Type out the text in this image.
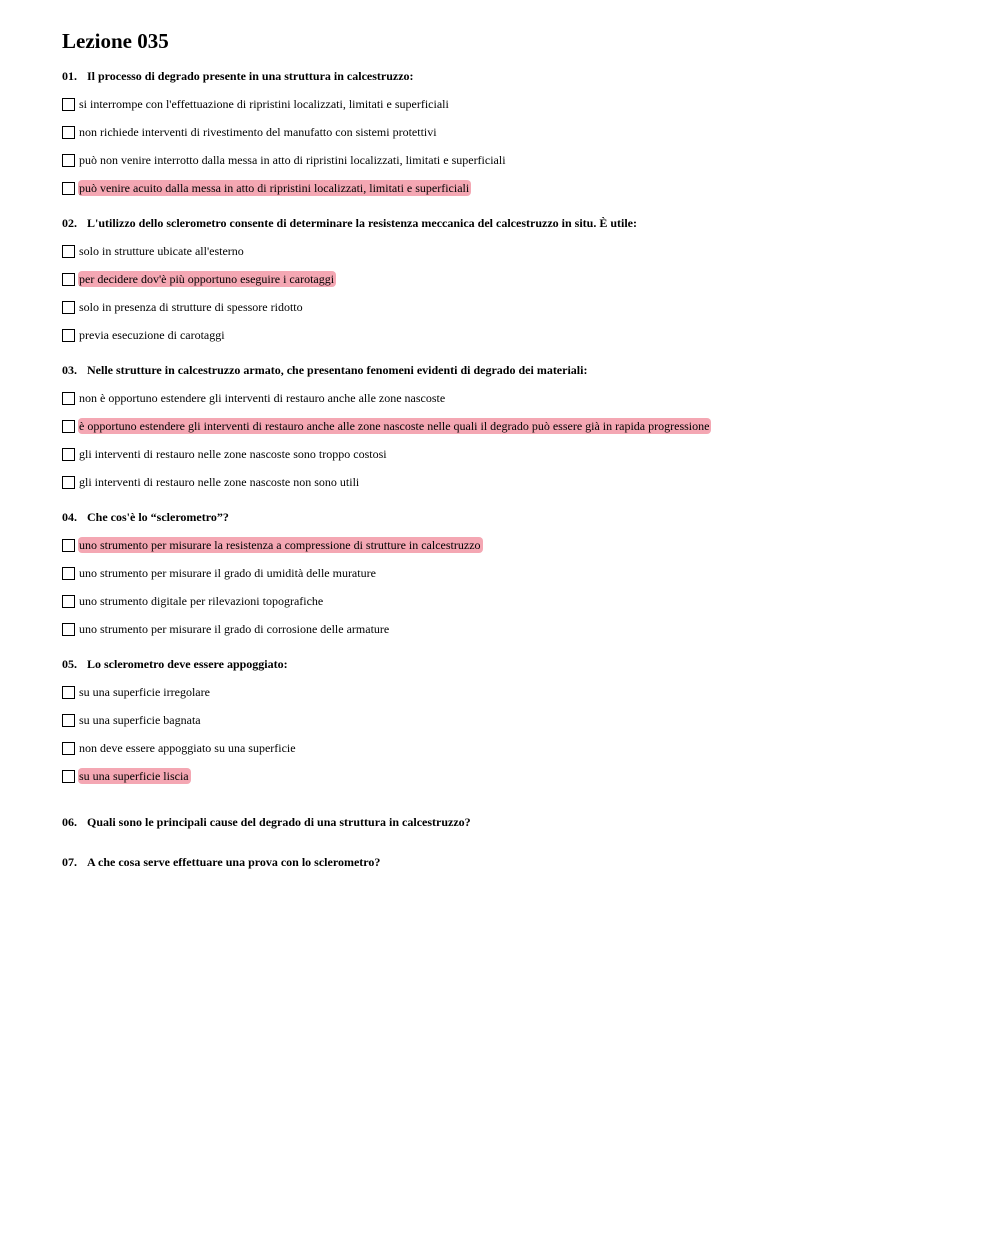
Lezione 035
01. Il processo di degrado presente in una struttura in calcestruzzo:
si interrompe con l'effettuazione di ripristini localizzati, limitati e superficiali
non richiede interventi di rivestimento del manufatto con sistemi protettivi
può non venire interrotto dalla messa in atto di ripristini localizzati, limitati e superficiali
può venire acuito dalla messa in atto di ripristini localizzati, limitati e superficiali
02. L'utilizzo dello sclerometro consente di determinare la resistenza meccanica del calcestruzzo in situ. È utile:
solo in strutture ubicate all'esterno
per decidere dov'è più opportuno eseguire i carotaggi
solo in presenza di strutture di spessore ridotto
previa esecuzione di carotaggi
03. Nelle strutture in calcestruzzo armato, che presentano fenomeni evidenti di degrado dei materiali:
non è opportuno estendere gli interventi di restauro anche alle zone nascoste
è opportuno estendere gli interventi di restauro anche alle zone nascoste nelle quali il degrado può essere già in rapida progressione
gli interventi di restauro nelle zone nascoste sono troppo costosi
gli interventi di restauro nelle zone nascoste non sono utili
04. Che cos'è lo “sclerometro”?
uno strumento per misurare la resistenza a compressione di strutture in calcestruzzo
uno strumento per misurare il grado di umidità delle murature
uno strumento digitale per rilevazioni topografiche
uno strumento per misurare il grado di corrosione delle armature
05. Lo sclerometro deve essere appoggiato:
su una superficie irregolare
su una superficie bagnata
non deve essere appoggiato su una superficie
su una superficie liscia
06. Quali sono le principali cause del degrado di una struttura in calcestruzzo?
07. A che cosa serve effettuare una prova con lo sclerometro?
